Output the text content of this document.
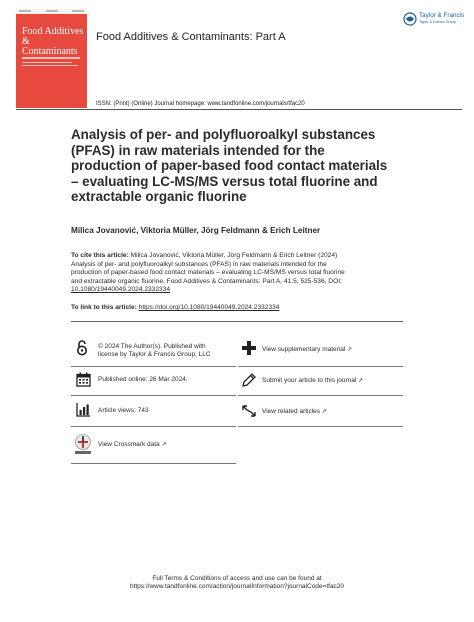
Food Additives
&
Contaminants
Food Additives & Contaminants: Part A
Taylor & Francis
Taylor & Francis Group
ISSN: (Print) (Online) Journal homepage: www.tandfonline.com/journals/tfac20
Analysis of per- and polyfluoroalkyl substances
(PFAS) in raw materials intended for the
production of paper-based food contact materials
– evaluating LC-MS/MS versus total fluorine and
extractable organic fluorine
Milica Jovanović, Viktoria Müller, Jörg Feldmann & Erich Leitner
To cite this article: Milica Jovanović, Viktoria Müller, Jörg Feldmann & Erich Leitner (2024)
Analysis of per- and polyfluoroalkyl substances (PFAS) in raw materials intended for the
production of paper-based food contact materials – evaluating LC-MS/MS versus total fluorine
and extractable organic fluorine, Food Additives & Contaminants: Part A, 41:5, 525-536, DOI:
10.1080/19440049.2024.2332334
To link to this article: https://doi.org/10.1080/19440049.2024.2332334
© 2024 The Author(s). Published with
license by Taylor & Francis Group, LLC
Published online: 26 Mar 2024.
Article views: 743
View Crossmark data ↗
View supplementary material ↗
Submit your article to this journal ↗
View related articles ↗
Full Terms & Conditions of access and use can be found at
https://www.tandfonline.com/action/journalInformation?journalCode=tfac20
